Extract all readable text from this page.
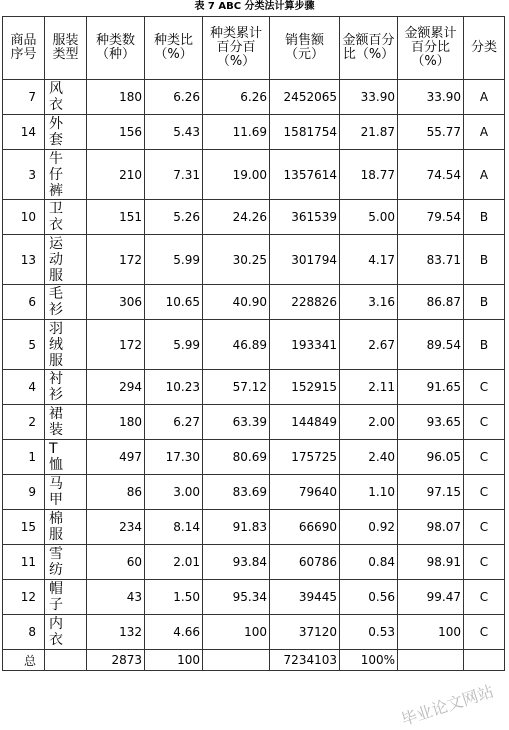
表 7 ABC 分类法计算步骤
商品序号	服装类型	种类数（种）	种类比（%）	种类累计百分百（%）	销售额（元）	金额百分比（%）	金额累计百分比（%）	分类
7	风衣	180	6.26	6.26	2452065	33.90	33.90	A
14	外套	156	5.43	11.69	1581754	21.87	55.77	A
3	牛仔裤	210	7.31	19.00	1357614	18.77	74.54	A
10	卫衣	151	5.26	24.26	361539	5.00	79.54	B
13	运动服	172	5.99	30.25	301794	4.17	83.71	B
6	毛衫	306	10.65	40.90	228826	3.16	86.87	B
5	羽绒服	172	5.99	46.89	193341	2.67	89.54	B
4	衬衫	294	10.23	57.12	152915	2.11	91.65	C
2	裙装	180	6.27	63.39	144849	2.00	93.65	C
1	T恤	497	17.30	80.69	175725	2.40	96.05	C
9	马甲	86	3.00	83.69	79640	1.10	97.15	C
15	棉服	234	8.14	91.83	66690	0.92	98.07	C
11	雪纺	60	2.01	93.84	60786	0.84	98.91	C
12	帽子	43	1.50	95.34	39445	0.56	99.47	C
8	内衣	132	4.66	100	37120	0.53	100	C
总		2873	100		7234103	100%		
毕业论文网站
